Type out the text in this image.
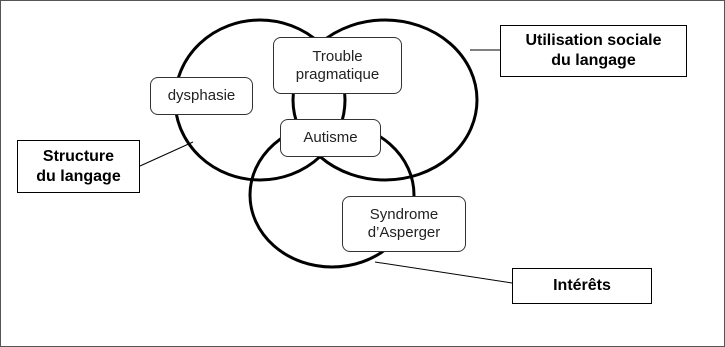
Trouble
pragmatique
dysphasie
Autisme
Syndrome
d’Asperger
Utilisation sociale
du langage
Structure
du langage
Intérêts
